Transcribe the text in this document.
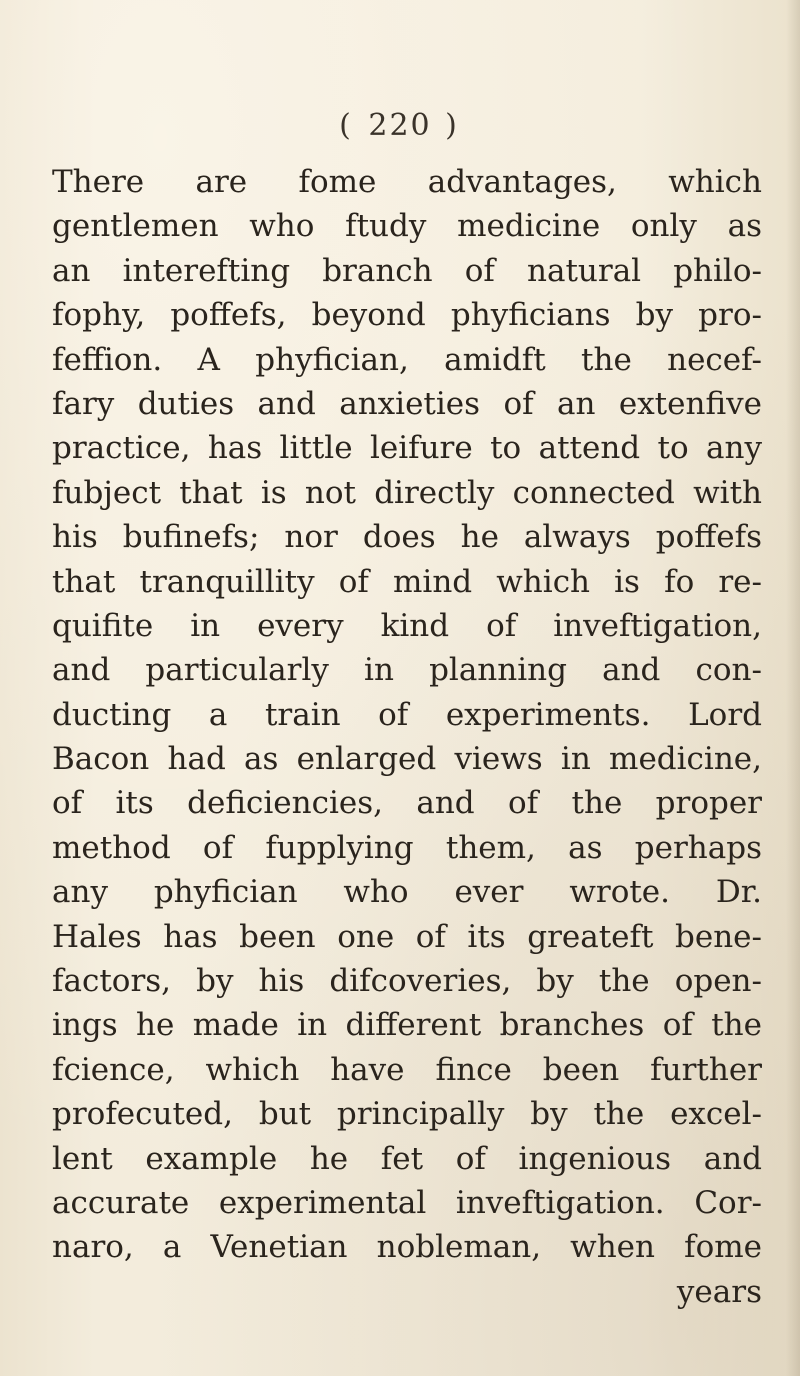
( 220 )
There are fome advantages, which
gentlemen who ftudy medicine only as
an interefting branch of natural philo-
fophy, poffefs, beyond phyficians by pro-
feffion. A phyfician, amidft the necef-
fary duties and anxieties of an extenfive
practice, has little leifure to attend to any
fubject that is not directly connected with
his bufinefs; nor does he always poffefs
that tranquillity of mind which is fo re-
quifite in every kind of inveftigation,
and particularly in planning and con-
ducting a train of experiments. Lord
Bacon had as enlarged views in medicine,
of its deficiencies, and of the proper
method of fupplying them, as perhaps
any phyfician who ever wrote. Dr.
Hales has been one of its greateft bene-
factors, by his difcoveries, by the open-
ings he made in different branches of the
fcience, which have fince been further
profecuted, but principally by the excel-
lent example he fet of ingenious and
accurate experimental inveftigation. Cor-
naro, a Venetian nobleman, when fome
years
